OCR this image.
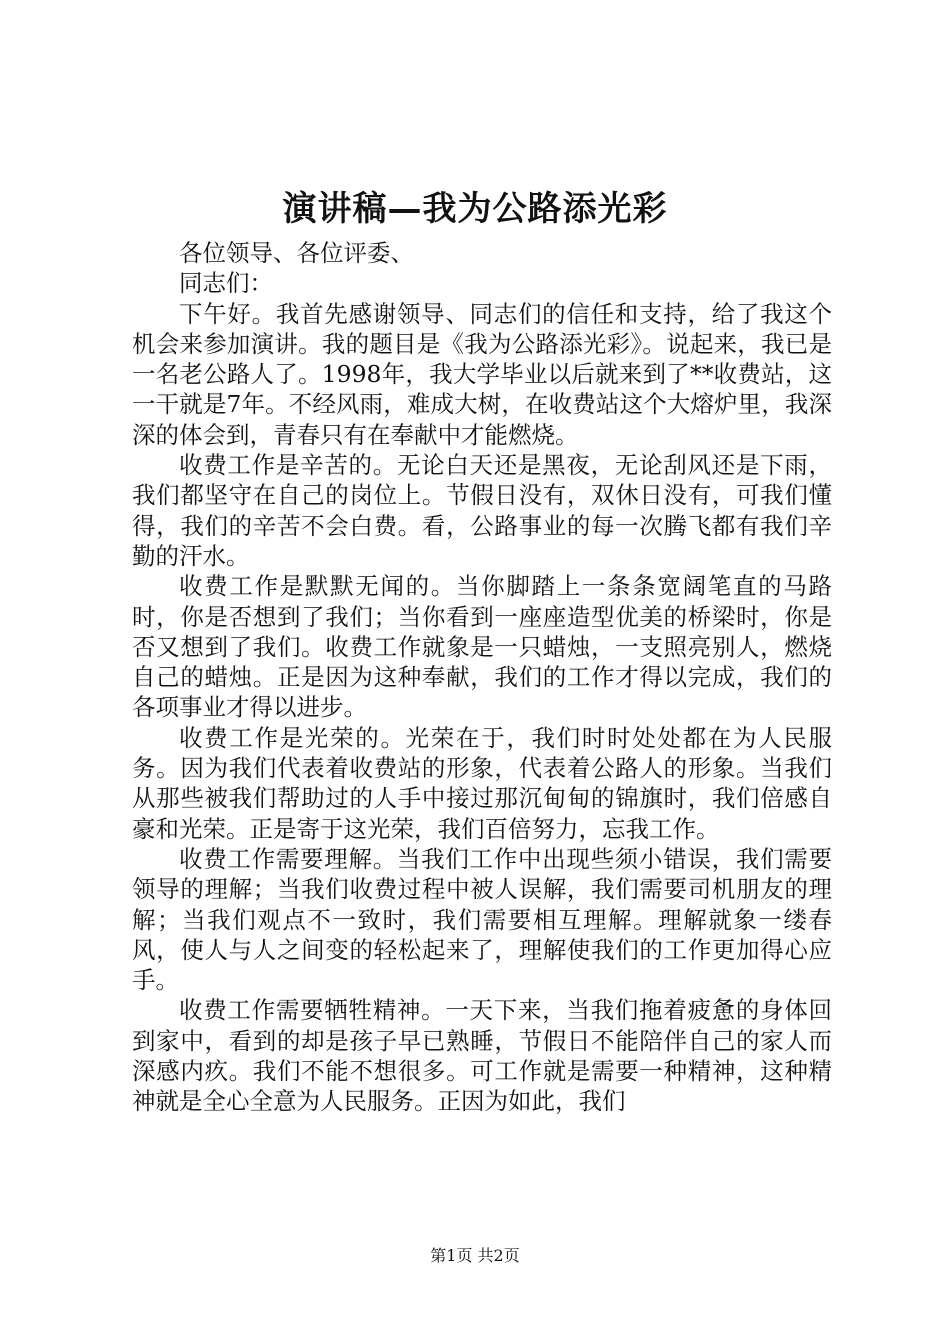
演讲稿—我为公路添光彩

各位领导、各位评委、

同志们：

下午好。我首先感谢领导、同志们的信任和支持，给了我这个机会来参加演讲。我的题目是《我为公路添光彩》。说起来，我已是一名老公路人了。1998年，我大学毕业以后就来到了**收费站，这一干就是7年。不经风雨，难成大树，在收费站这个大熔炉里，我深深的体会到，青春只有在奉献中才能燃烧。

收费工作是辛苦的。无论白天还是黑夜，无论刮风还是下雨，我们都坚守在自己的岗位上。节假日没有，双休日没有，可我们懂得，我们的辛苦不会白费。看，公路事业的每一次腾飞都有我们辛勤的汗水。

收费工作是默默无闻的。当你脚踏上一条条宽阔笔直的马路时，你是否想到了我们；当你看到一座座造型优美的桥梁时，你是否又想到了我们。收费工作就象是一只蜡烛，一支照亮别人，燃烧自己的蜡烛。正是因为这种奉献，我们的工作才得以完成，我们的各项事业才得以进步。

收费工作是光荣的。光荣在于，我们时时处处都在为人民服务。因为我们代表着收费站的形象，代表着公路人的形象。当我们从那些被我们帮助过的人手中接过那沉甸甸的锦旗时，我们倍感自豪和光荣。正是寄于这光荣，我们百倍努力，忘我工作。

收费工作需要理解。当我们工作中出现些须小错误，我们需要领导的理解；当我们收费过程中被人误解，我们需要司机朋友的理解；当我们观点不一致时，我们需要相互理解。理解就象一缕春风，使人与人之间变的轻松起来了，理解使我们的工作更加得心应手。

收费工作需要牺牲精神。一天下来，当我们拖着疲惫的身体回到家中，看到的却是孩子早已熟睡，节假日不能陪伴自己的家人而深感内疚。我们不能不想很多。可工作就是需要一种精神，这种精神就是全心全意为人民服务。正因为如此，我们

第1页 共2页
